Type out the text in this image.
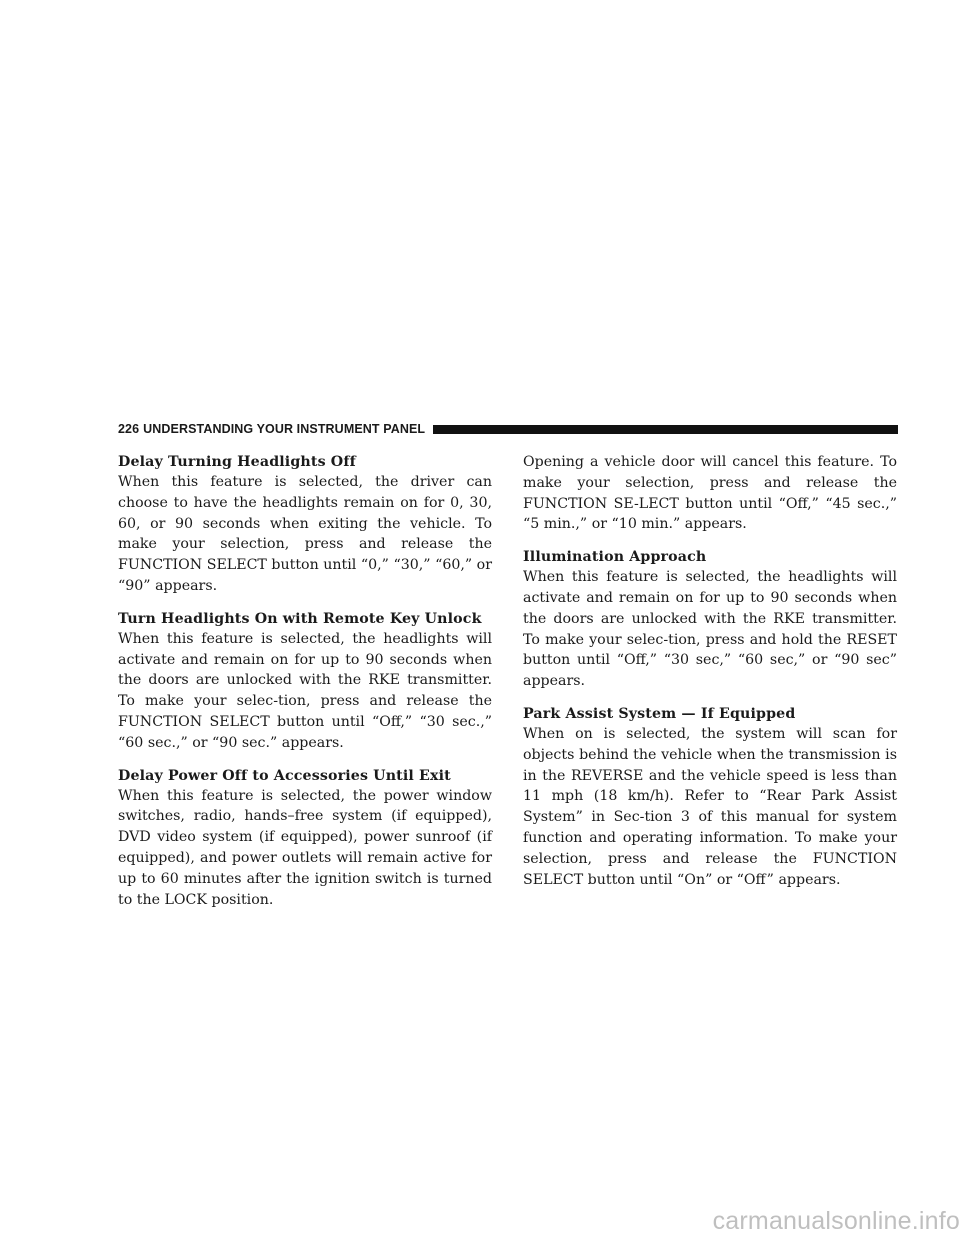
226 UNDERSTANDING YOUR INSTRUMENT PANEL
Delay Turning Headlights Off

When this feature is selected, the driver can choose to have the headlights remain on for 0, 30, 60, or 90 seconds when exiting the vehicle. To make your selection, press and release the FUNCTION SELECT button until “0,” “30,” “60,” or “90” appears.

Turn Headlights On with Remote Key Unlock

When this feature is selected, the headlights will activate and remain on for up to 90 seconds when the doors are unlocked with the RKE transmitter. To make your selec-tion, press and release the FUNCTION SELECT button until “Off,” “30 sec.,” “60 sec.,” or “90 sec.” appears.

Delay Power Off to Accessories Until Exit

When this feature is selected, the power window switches, radio, hands–free system (if equipped), DVD video system (if equipped), power sunroof (if equipped), and power outlets will remain active for up to 60 minutes after the ignition switch is turned to the LOCK position.

Opening a vehicle door will cancel this feature. To make your selection, press and release the FUNCTION SE-LECT button until “Off,” “45 sec.,” “5 min.,” or “10 min.” appears.

Illumination Approach

When this feature is selected, the headlights will activate and remain on for up to 90 seconds when the doors are unlocked with the RKE transmitter. To make your selec-tion, press and hold the RESET button until “Off,” “30 sec,” “60 sec,” or “90 sec” appears.

Park Assist System — If Equipped

When on is selected, the system will scan for objects behind the vehicle when the transmission is in the REVERSE and the vehicle speed is less than 11 mph (18 km/h). Refer to “Rear Park Assist System” in Sec-tion 3 of this manual for system function and operating information. To make your selection, press and release the FUNCTION SELECT button until “On” or “Off” appears.

carmanualsonline.info
